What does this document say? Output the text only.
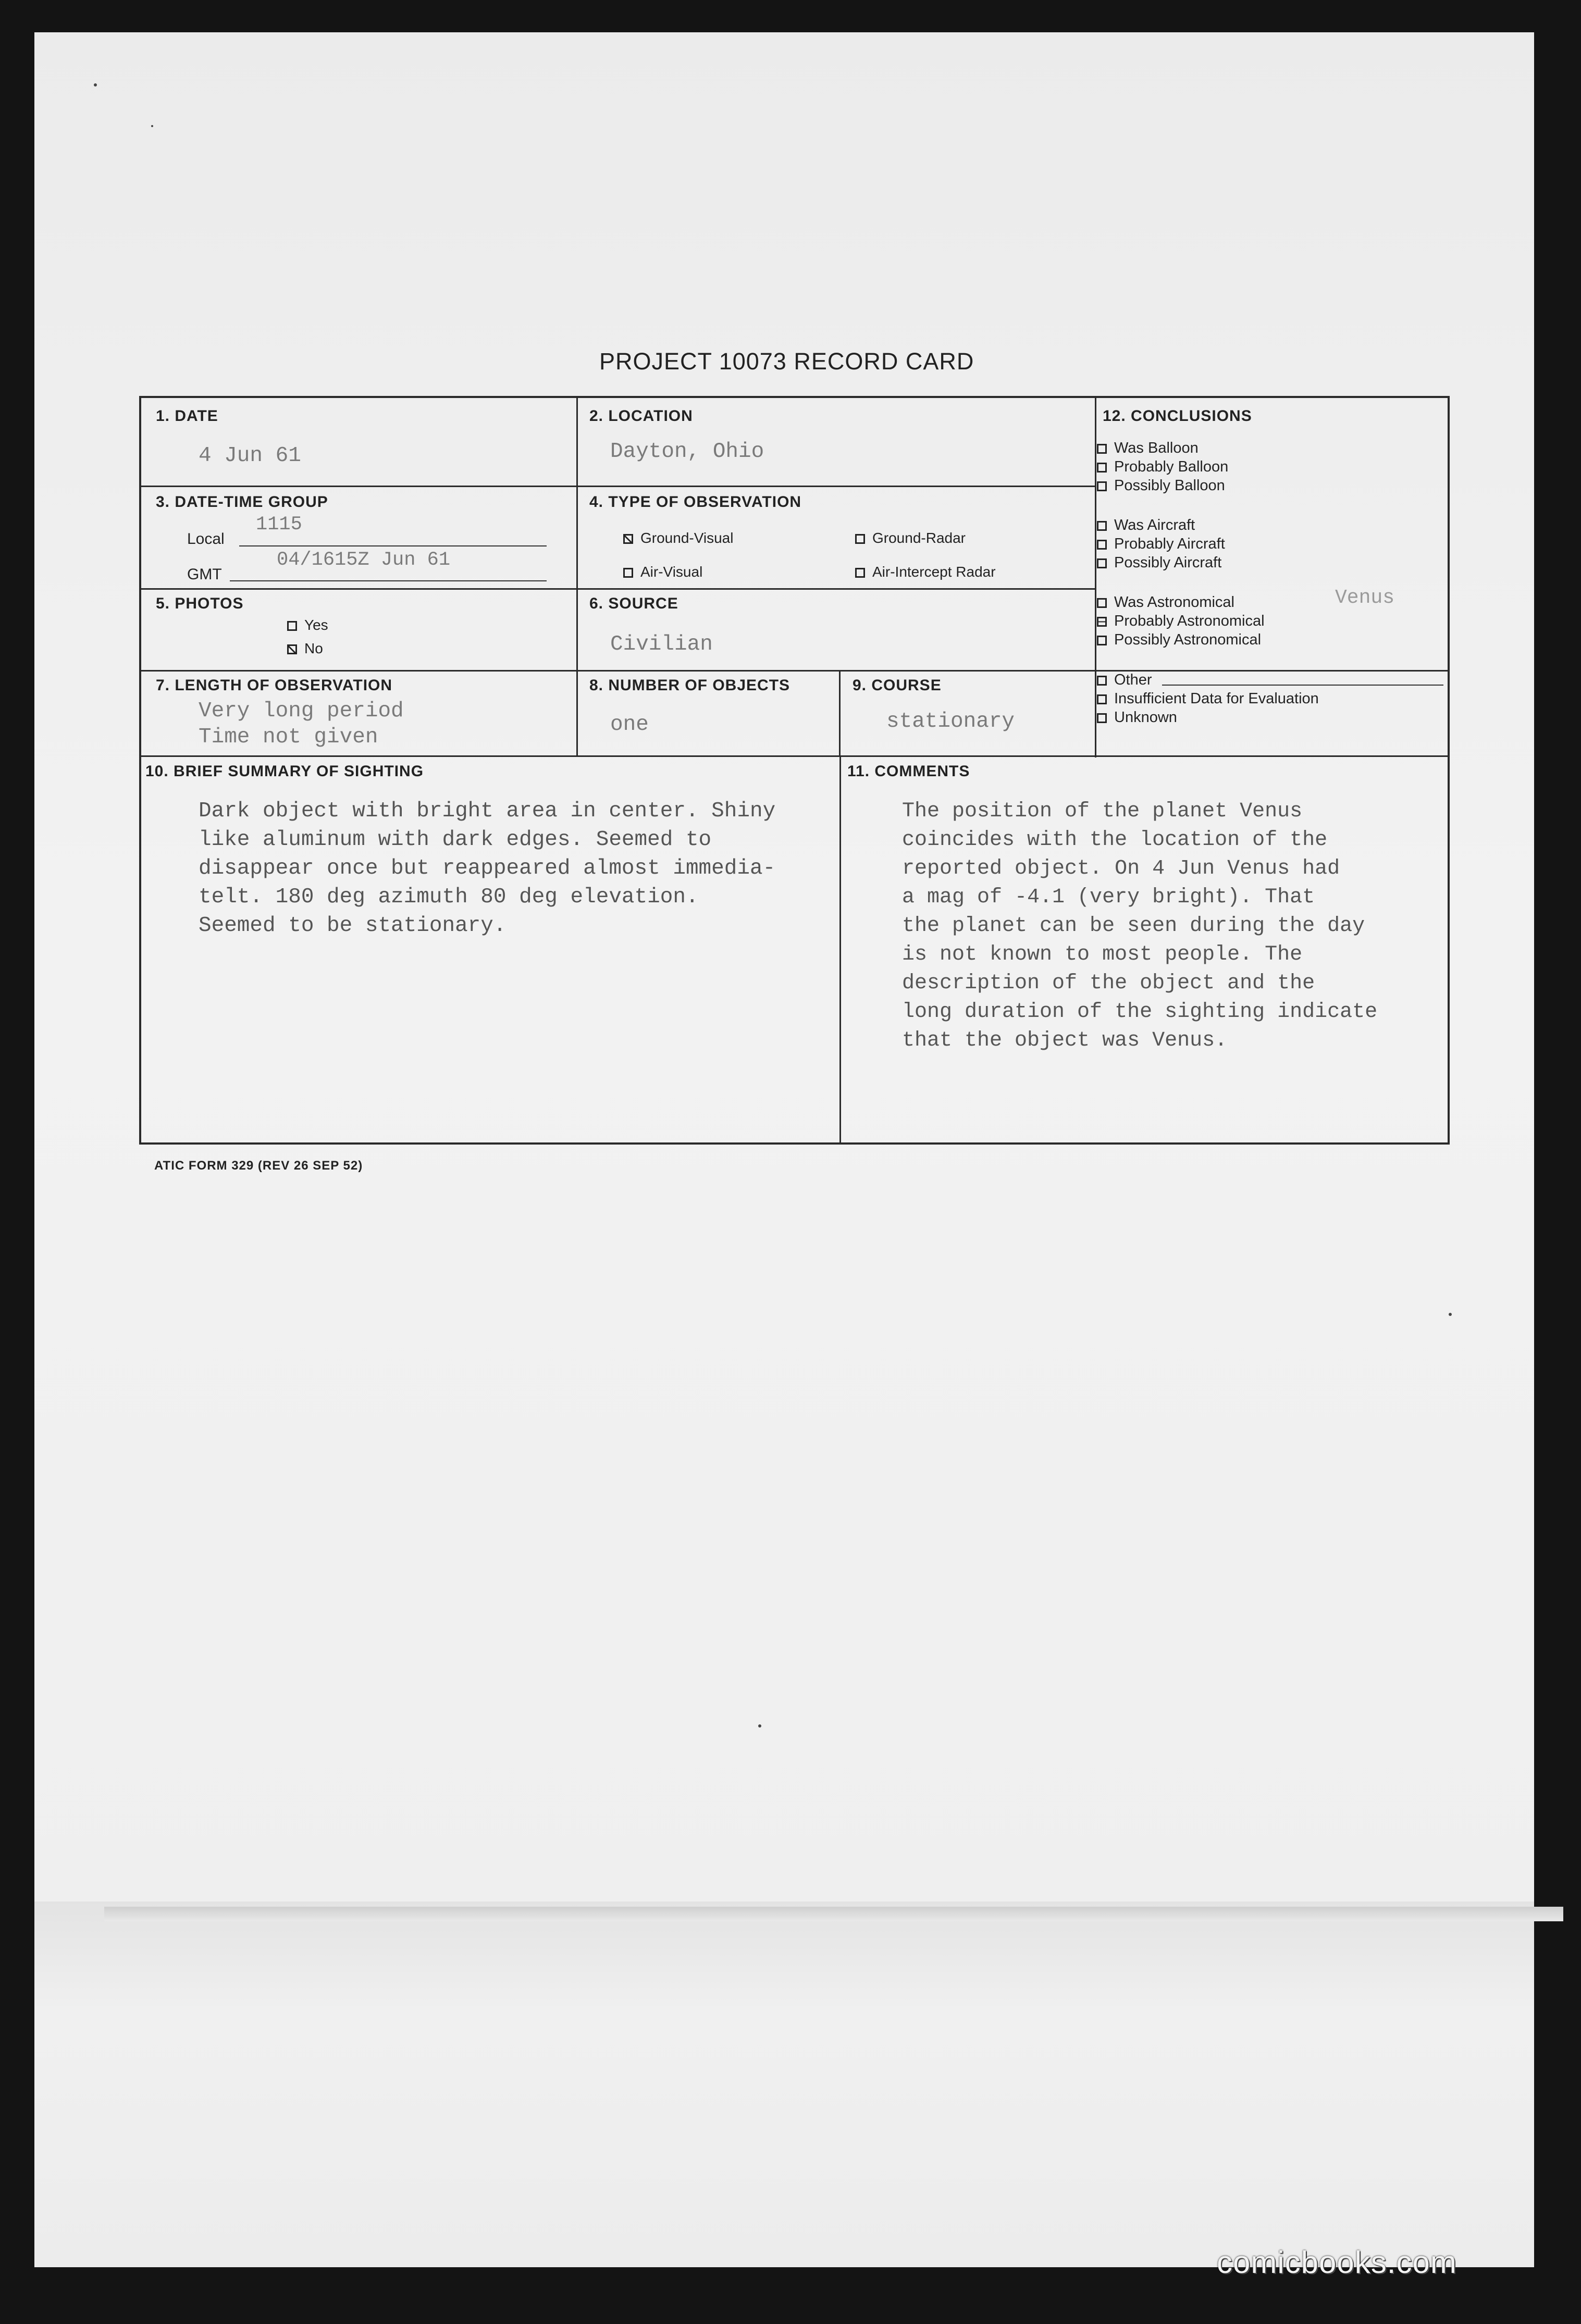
PROJECT 10073 RECORD CARD
1. DATE
4 Jun 61
2. LOCATION
Dayton, Ohio
3. DATE-TIME GROUP
Local
1115
GMT
04/1615Z Jun 61
4. TYPE OF OBSERVATION
Ground-Visual	Ground-Radar
Air-Visual	Air-Intercept Radar
5. PHOTOS
Yes
No
6. SOURCE
Civilian
7. LENGTH OF OBSERVATION
Very long period
Time not given
8. NUMBER OF OBJECTS
one
9. COURSE
stationary
10. BRIEF SUMMARY OF SIGHTING

Dark object with bright area in center. Shiny

like aluminum with dark edges. Seemed to

disappear once but reappeared almost immedia-

telt. 180 deg azimuth 80 deg elevation.

Seemed to be stationary.

11. COMMENTS

The position of the planet Venus

coincides with the location of the

reported object. On 4 Jun Venus had

a mag of -4.1 (very bright). That

the planet can be seen during the day

is not known to most people. The

description of the object and the

long duration of the sighting indicate

that the object was Venus.

12. CONCLUSIONS
Was Balloon
Probably Balloon
Possibly Balloon
Was Aircraft
Probably Aircraft
Possibly Aircraft
Was Astronomical
Probably Astronomical
Possibly Astronomical
Venus
Other
Insufficient Data for Evaluation
Unknown
ATIC FORM 329 (REV 26 SEP 52)
comicbooks.com
